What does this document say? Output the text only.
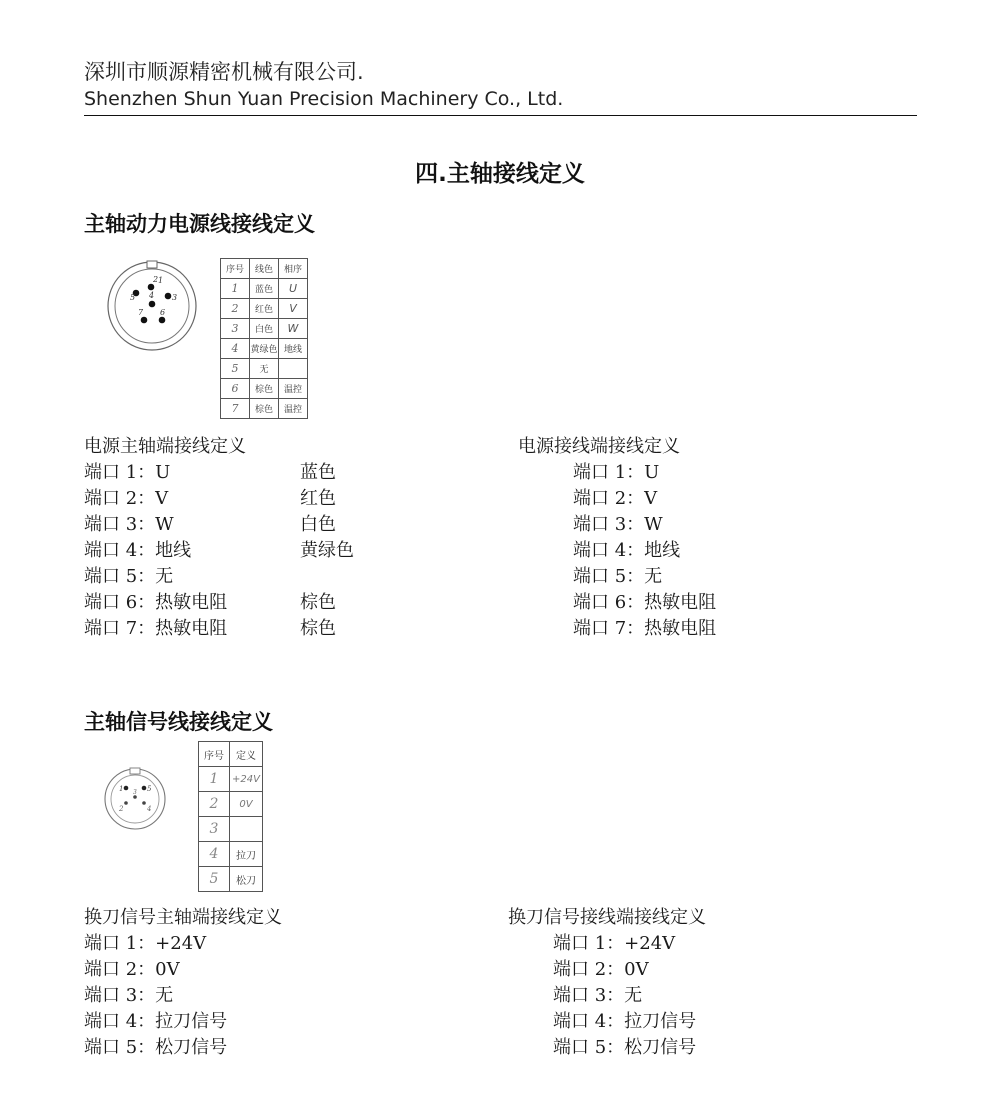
深圳市顺源精密机械有限公司.
Shenzhen Shun Yuan Precision Machinery Co., Ltd.
四.主轴接线定义
主轴动力电源线接线定义
2 1
5 4 3
7 6
序号	线色	相序
1	蓝色	U
2	红色	V
3	白色	W
4	黄绿色	地线
5	无	
6	棕色	温控
7	棕色	温控
电源主轴端接线定义
端口 1：U	蓝色
端口 2：V	红色
端口 3：W	白色
端口 4：地线	黄绿色
端口 5：无
端口 6：热敏电阻	棕色
端口 7：热敏电阻	棕色
电源接线端接线定义
端口 1：U
端口 2：V
端口 3：W
端口 4：地线
端口 5：无
端口 6：热敏电阻
端口 7：热敏电阻
主轴信号线接线定义
1	5
3
2	4
序号	定义
1	+24V
2	0V
3	
4	拉刀
5	松刀
换刀信号主轴端接线定义
端口 1：+24V
端口 2：0V
端口 3：无
端口 4：拉刀信号
端口 5：松刀信号
换刀信号接线端接线定义
端口 1：+24V
端口 2：0V
端口 3：无
端口 4：拉刀信号
端口 5：松刀信号
